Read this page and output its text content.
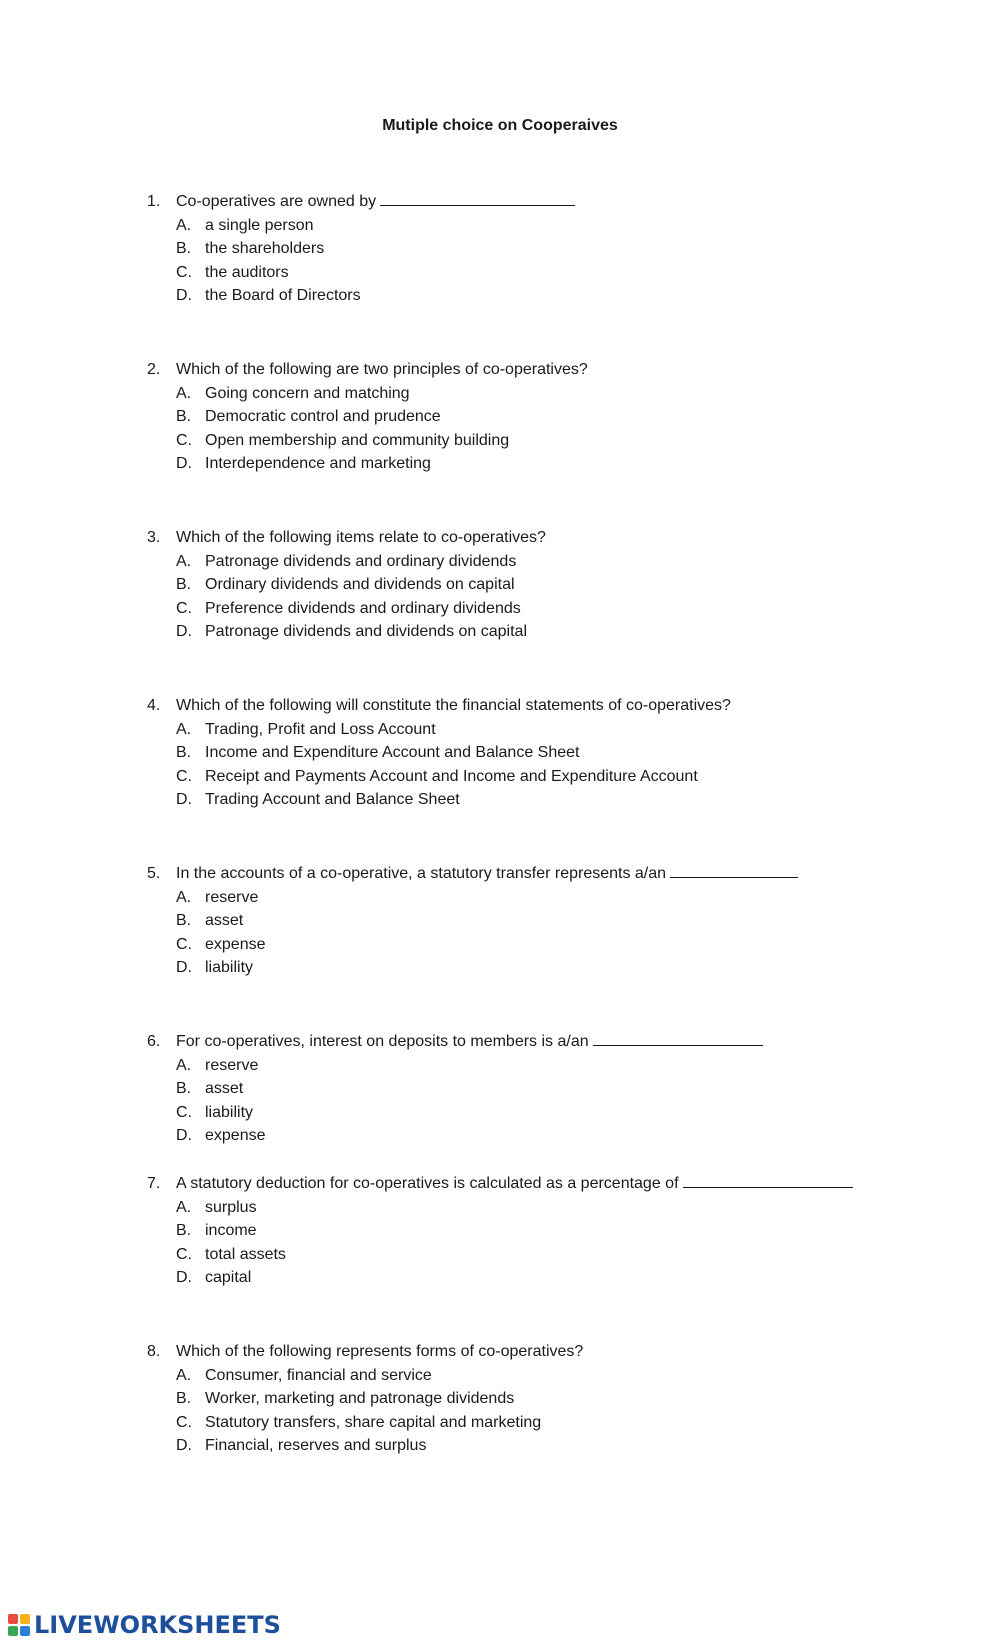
Mutiple choice on Cooperaives
1. Co-operatives are owned by
A. a single person
B. the shareholders
C. the auditors
D. the Board of Directors
2. Which of the following are two principles of co-operatives?
A. Going concern and matching
B. Democratic control and prudence
C. Open membership and community building
D. Interdependence and marketing
3. Which of the following items relate to co-operatives?
A. Patronage dividends and ordinary dividends
B. Ordinary dividends and dividends on capital
C. Preference dividends and ordinary dividends
D. Patronage dividends and dividends on capital
4. Which of the following will constitute the financial statements of co-operatives?
A. Trading, Profit and Loss Account
B. Income and Expenditure Account and Balance Sheet
C. Receipt and Payments Account and Income and Expenditure Account
D. Trading Account and Balance Sheet
5. In the accounts of a co-operative, a statutory transfer represents a/an
A. reserve
B. asset
C. expense
D. liability
6. For co-operatives, interest on deposits to members is a/an
A. reserve
B. asset
C. liability
D. expense
7. A statutory deduction for co-operatives is calculated as a percentage of
A. surplus
B. income
C. total assets
D. capital
8. Which of the following represents forms of co-operatives?
A. Consumer, financial and service
B. Worker, marketing and patronage dividends
C. Statutory transfers, share capital and marketing
D. Financial, reserves and surplus
LIVEWORKSHEETS
